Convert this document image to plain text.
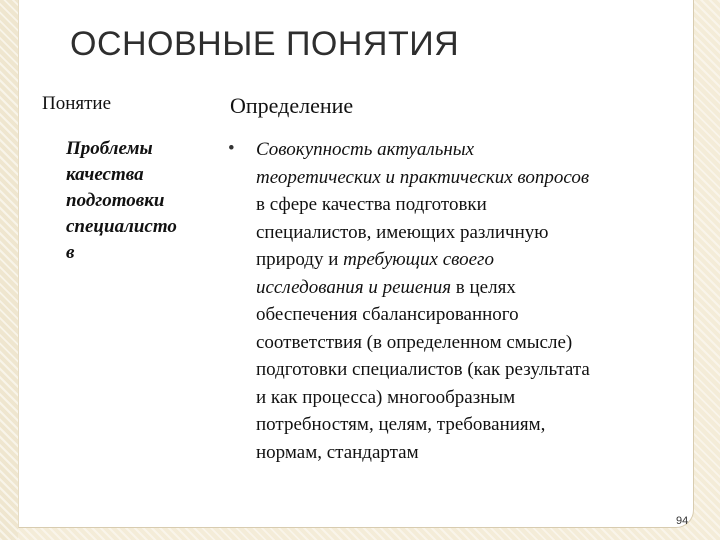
ОСНОВНЫЕ ПОНЯТИЯ
Понятие	Определение
Проблемы
качества
подготовки
специалисто
в
• Совокупность актуальных
теоретических и практических вопросов
в сфере качества подготовки
специалистов, имеющих различную
природу и требующих своего
исследования и решения в целях
обеспечения сбалансированного
соответствия (в определенном смысле)
подготовки специалистов (как результата
и как процесса) многообразным
потребностям, целям, требованиям,
нормам, стандартам
94
